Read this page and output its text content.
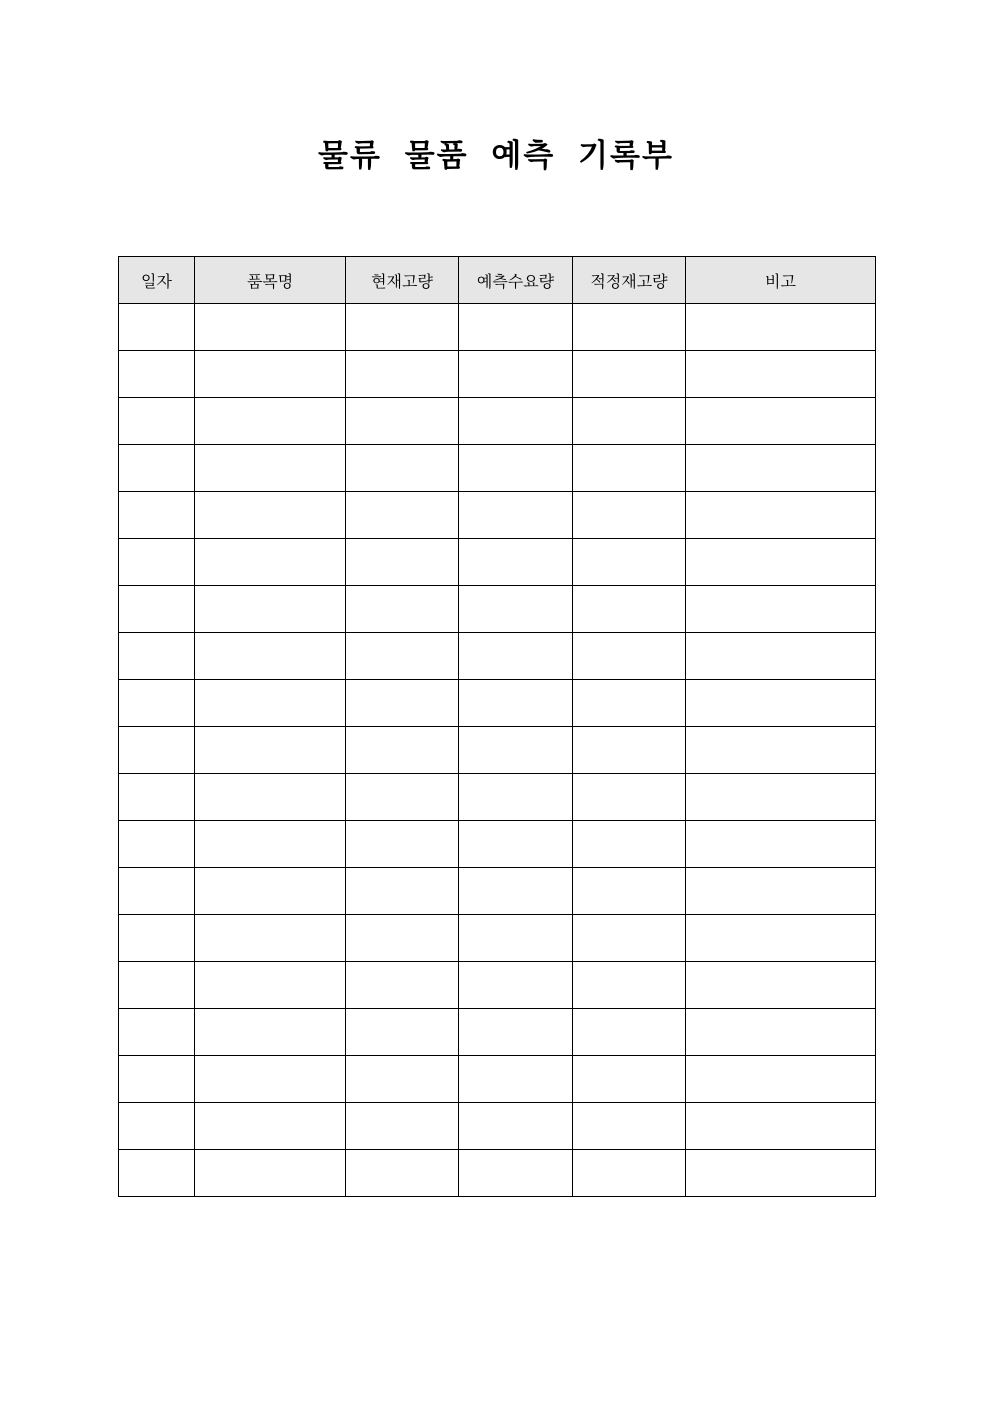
물류 물품 예측 기록부
일자	품목명	현재고량	예측수요량	적정재고량	비고
